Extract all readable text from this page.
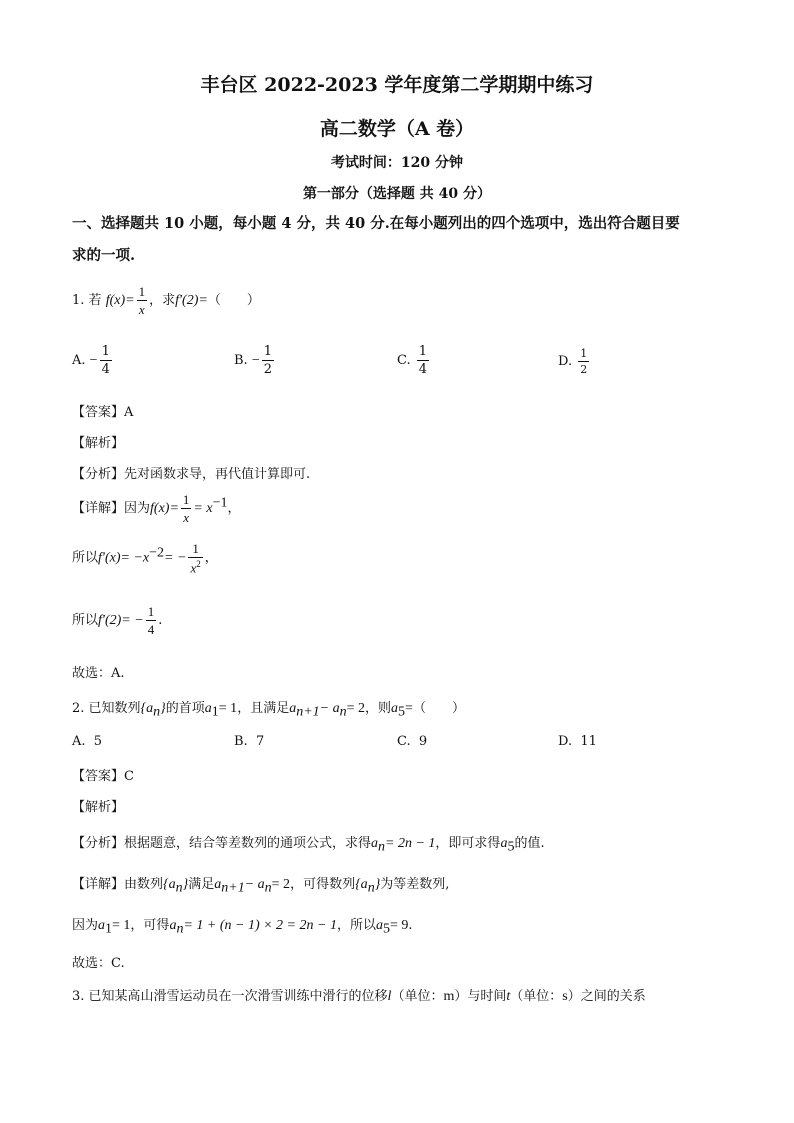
丰台区 2022-2023 学年度第二学期期中练习
高二数学（A 卷）
考试时间：120 分钟
第一部分（选择题 共 40 分）
一、选择题共 10 小题，每小题 4 分，共 40 分.在每小题列出的四个选项中，选出符合题目要
求的一项.
1. 若 $f(x)= \frac{1}{x}$ ，求f′(2)=（　　）
A. − $\frac{1}{4}$	B. − $\frac{1}{2}$	C. $\frac{1}{4}$	D. $\frac{1}{2}$
【答案】A
【解析】
【分析】先对函数求导，再代值计算即可.
【详解】因为$f(x)= \frac{1}{x} = x^{-1}$，
所以$f'(x)= -x^{-2}= - \frac{1}{x^2}$ ，
所以$f'(2)= - \frac{1}{4}$ .
故选：A.
2. 已知数列$\{a_n\}$的首项$a_1= 1$，且满足$a_{n+1}- a_n= 2$，则$a_5=$（　　）
A. 5	B. 7	C. 9	D. 11
【答案】C
【解析】
【分析】根据题意，结合等差数列的通项公式，求得$a_n= 2n - 1$，即可求得$a_5$的值.
【详解】由数列$\{a_n\}$满足$a_{n+1}- a_n= 2$，可得数列$\{a_n\}$为等差数列,
因为$a_1= 1$，可得$a_n= 1 + (n - 1) \times 2 = 2n - 1$，所以$a_5= 9$.
故选：C.
3. 已知某高山滑雪运动员在一次滑雪训练中滑行的位移l（单位：m）与时间t（单位：s）之间的关系
